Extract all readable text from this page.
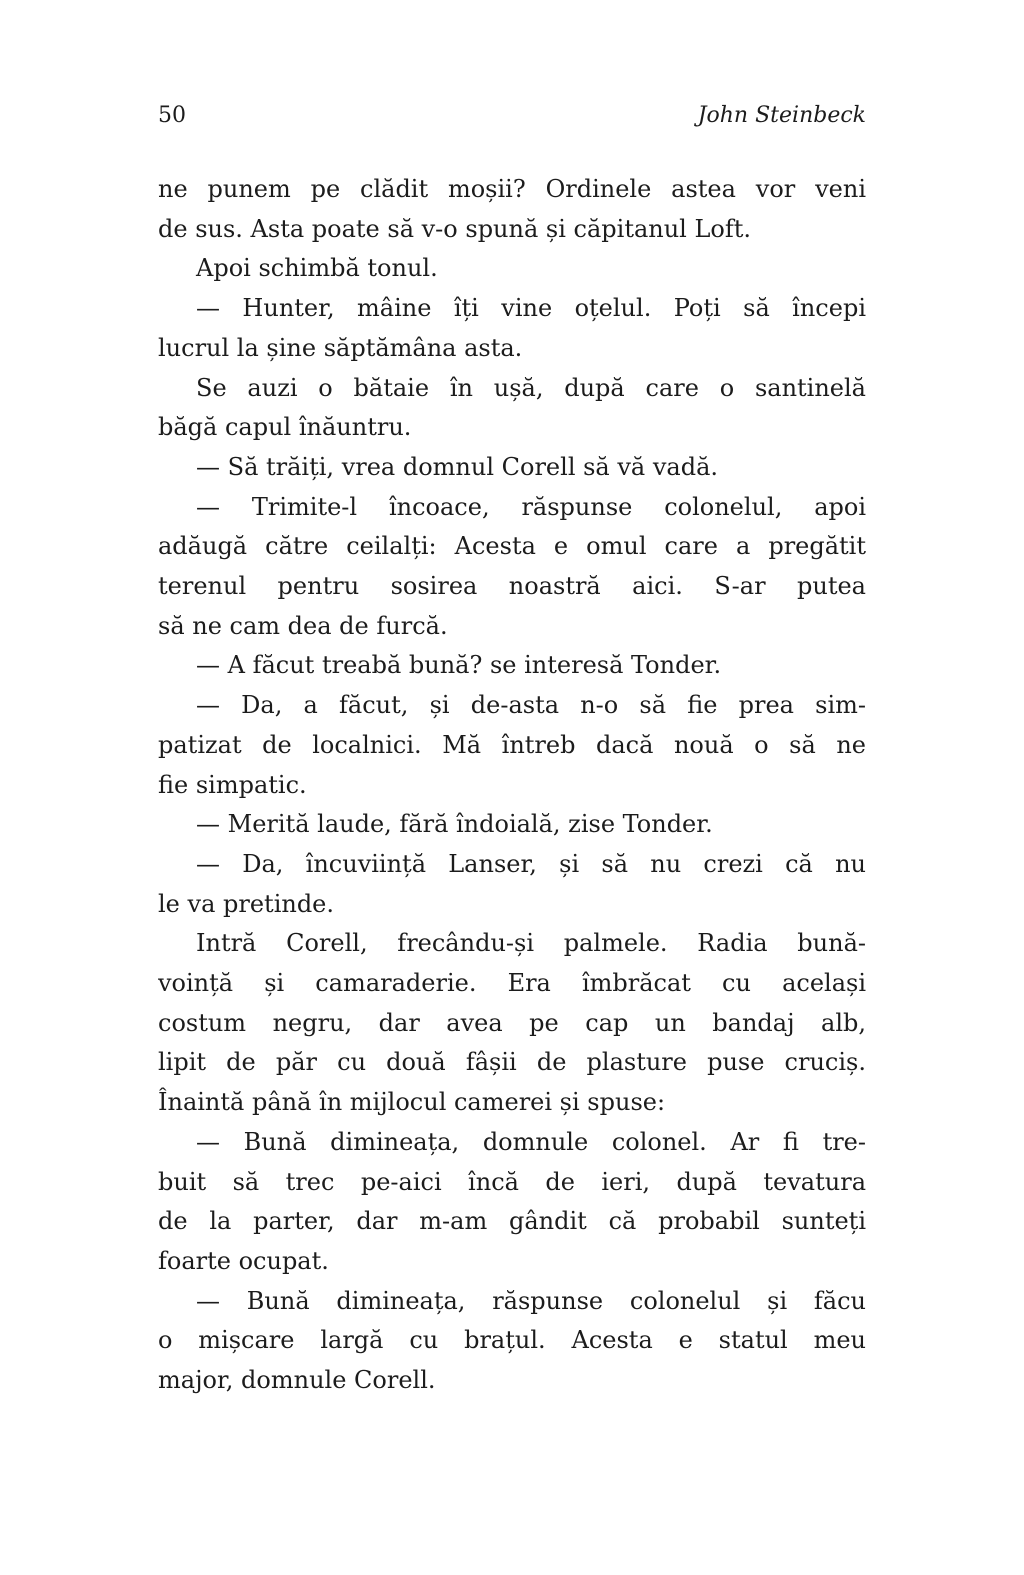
50	John Steinbeck

ne punem pe clădit moșii? Ordinele astea vor veni
de sus. Asta poate să v-o spună și căpitanul Loft.

Apoi schimbă tonul.

— Hunter, mâine îți vine oțelul. Poți să începi
lucrul la șine săptămâna asta.

Se auzi o bătaie în ușă, după care o santinelă
băgă capul înăuntru.

— Să trăiți, vrea domnul Corell să vă vadă.

— Trimite-l încoace, răspunse colonelul, apoi
adăugă către ceilalți: Acesta e omul care a pregătit
terenul pentru sosirea noastră aici. S-ar putea
să ne cam dea de furcă.

— A făcut treabă bună? se interesă Tonder.

— Da, a făcut, și de-asta n-o să fie prea sim-
patizat de localnici. Mă întreb dacă nouă o să ne
fie simpatic.

— Merită laude, fără îndoială, zise Tonder.

— Da, încuviință Lanser, și să nu crezi că nu
le va pretinde.

Intră Corell, frecându-și palmele. Radia bună-
voință și camaraderie. Era îmbrăcat cu același
costum negru, dar avea pe cap un bandaj alb,
lipit de păr cu două fâșii de plasture puse cruciș.
Înaintă până în mijlocul camerei și spuse:

— Bună dimineața, domnule colonel. Ar fi tre-
buit să trec pe-aici încă de ieri, după tevatura
de la parter, dar m-am gândit că probabil sunteți
foarte ocupat.

— Bună dimineața, răspunse colonelul și făcu
o mișcare largă cu brațul. Acesta e statul meu
major, domnule Corell.
